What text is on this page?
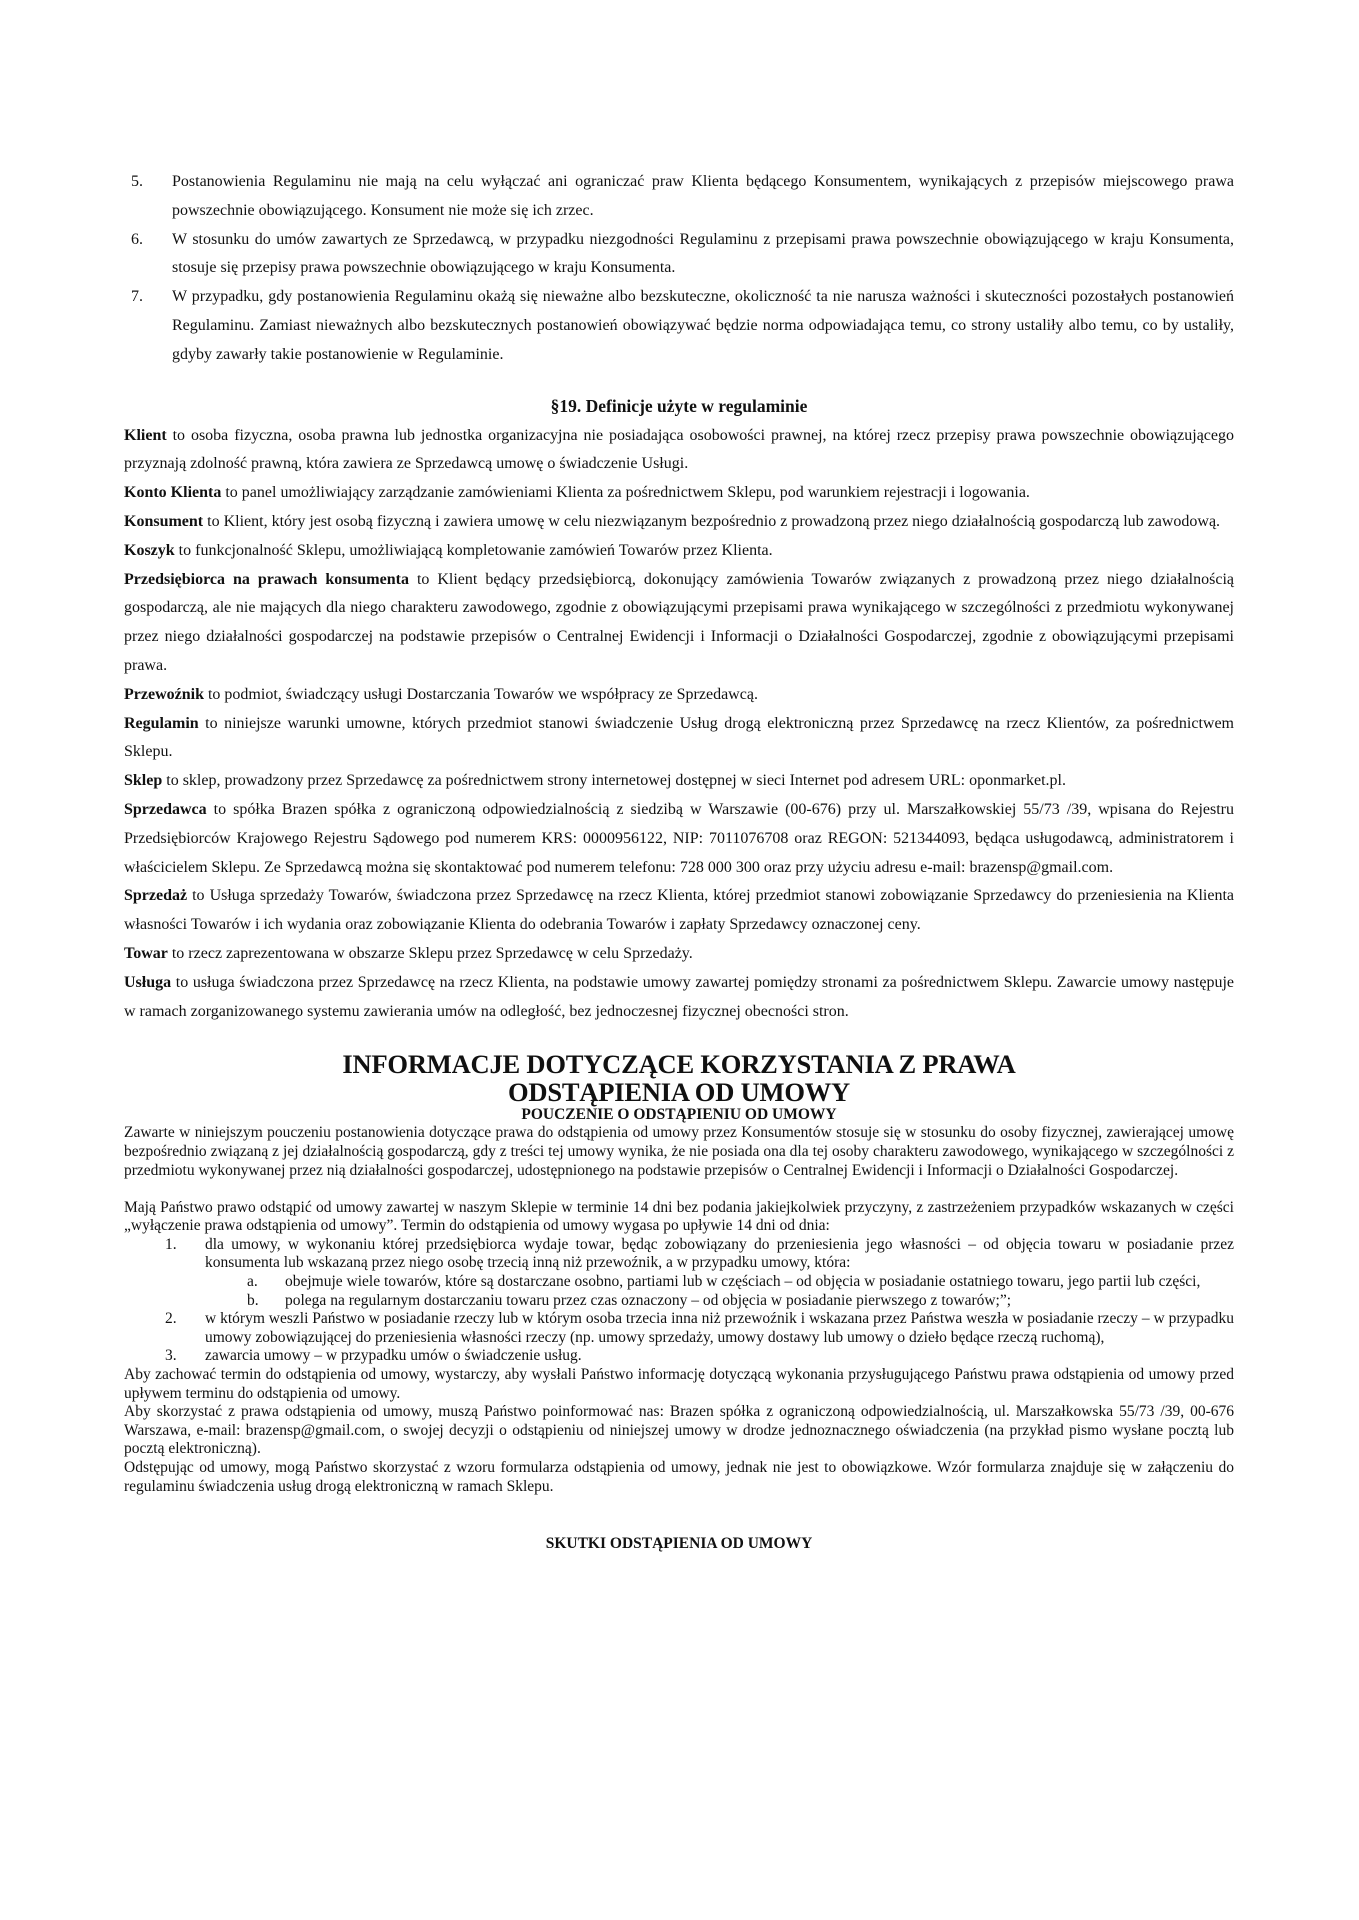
5. Postanowienia Regulaminu nie mają na celu wyłączać ani ograniczać praw Klienta będącego Konsumentem, wynikających z przepisów miejscowego prawa powszechnie obowiązującego. Konsument nie może się ich zrzec.
6. W stosunku do umów zawartych ze Sprzedawcą, w przypadku niezgodności Regulaminu z przepisami prawa powszechnie obowiązującego w kraju Konsumenta, stosuje się przepisy prawa powszechnie obowiązującego w kraju Konsumenta.
7. W przypadku, gdy postanowienia Regulaminu okażą się nieważne albo bezskuteczne, okoliczność ta nie narusza ważności i skuteczności pozostałych postanowień Regulaminu. Zamiast nieważnych albo bezskutecznych postanowień obowiązywać będzie norma odpowiadająca temu, co strony ustaliły albo temu, co by ustaliły, gdyby zawarły takie postanowienie w Regulaminie.
§19. Definicje użyte w regulaminie

Klient to osoba fizyczna, osoba prawna lub jednostka organizacyjna nie posiadająca osobowości prawnej, na której rzecz przepisy prawa powszechnie obowiązującego przyznają zdolność prawną, która zawiera ze Sprzedawcą umowę o świadczenie Usługi.

Konto Klienta to panel umożliwiający zarządzanie zamówieniami Klienta za pośrednictwem Sklepu, pod warunkiem rejestracji i logowania.

Konsument to Klient, który jest osobą fizyczną i zawiera umowę w celu niezwiązanym bezpośrednio z prowadzoną przez niego działalnością gospodarczą lub zawodową.

Koszyk to funkcjonalność Sklepu, umożliwiającą kompletowanie zamówień Towarów przez Klienta.

Przedsiębiorca na prawach konsumenta to Klient będący przedsiębiorcą, dokonujący zamówienia Towarów związanych z prowadzoną przez niego działalnością gospodarczą, ale nie mających dla niego charakteru zawodowego, zgodnie z obowiązującymi przepisami prawa wynikającego w szczególności z przedmiotu wykonywanej przez niego działalności gospodarczej na podstawie przepisów o Centralnej Ewidencji i Informacji o Działalności Gospodarczej, zgodnie z obowiązującymi przepisami prawa.

Przewoźnik to podmiot, świadczący usługi Dostarczania Towarów we współpracy ze Sprzedawcą.

Regulamin to niniejsze warunki umowne, których przedmiot stanowi świadczenie Usług drogą elektroniczną przez Sprzedawcę na rzecz Klientów, za pośrednictwem Sklepu.

Sklep to sklep, prowadzony przez Sprzedawcę za pośrednictwem strony internetowej dostępnej w sieci Internet pod adresem URL: oponmarket.pl.

Sprzedawca to spółka Brazen spółka z ograniczoną odpowiedzialnością z siedzibą w Warszawie (00-676) przy ul. Marszałkowskiej 55/73 /39, wpisana do Rejestru Przedsiębiorców Krajowego Rejestru Sądowego pod numerem KRS: 0000956122, NIP: 7011076708 oraz REGON: 521344093, będąca usługodawcą, administratorem i właścicielem Sklepu. Ze Sprzedawcą można się skontaktować pod numerem telefonu: 728 000 300 oraz przy użyciu adresu e-mail: brazensp@gmail.com.

Sprzedaż to Usługa sprzedaży Towarów, świadczona przez Sprzedawcę na rzecz Klienta, której przedmiot stanowi zobowiązanie Sprzedawcy do przeniesienia na Klienta własności Towarów i ich wydania oraz zobowiązanie Klienta do odebrania Towarów i zapłaty Sprzedawcy oznaczonej ceny.

Towar to rzecz zaprezentowana w obszarze Sklepu przez Sprzedawcę w celu Sprzedaży.

Usługa to usługa świadczona przez Sprzedawcę na rzecz Klienta, na podstawie umowy zawartej pomiędzy stronami za pośrednictwem Sklepu. Zawarcie umowy następuje w ramach zorganizowanego systemu zawierania umów na odległość, bez jednoczesnej fizycznej obecności stron.

INFORMACJE DOTYCZĄCE KORZYSTANIA Z PRAWA
ODSTĄPIENIA OD UMOWY
POUCZENIE O ODSTĄPIENIU OD UMOWY

Zawarte w niniejszym pouczeniu postanowienia dotyczące prawa do odstąpienia od umowy przez Konsumentów stosuje się w stosunku do osoby fizycznej, zawierającej umowę bezpośrednio związaną z jej działalnością gospodarczą, gdy z treści tej umowy wynika, że nie posiada ona dla tej osoby charakteru zawodowego, wynikającego w szczególności z przedmiotu wykonywanej przez nią działalności gospodarczej, udostępnionego na podstawie przepisów o Centralnej Ewidencji i Informacji o Działalności Gospodarczej.

Mają Państwo prawo odstąpić od umowy zawartej w naszym Sklepie w terminie 14 dni bez podania jakiejkolwiek przyczyny, z zastrzeżeniem przypadków wskazanych w części „wyłączenie prawa odstąpienia od umowy”. Termin do odstąpienia od umowy wygasa po upływie 14 dni od dnia:

1. dla umowy, w wykonaniu której przedsiębiorca wydaje towar, będąc zobowiązany do przeniesienia jego własności – od objęcia towaru w posiadanie przez konsumenta lub wskazaną przez niego osobę trzecią inną niż przewoźnik, a w przypadku umowy, która:
a. obejmuje wiele towarów, które są dostarczane osobno, partiami lub w częściach – od objęcia w posiadanie ostatniego towaru, jego partii lub części,
b. polega na regularnym dostarczaniu towaru przez czas oznaczony – od objęcia w posiadanie pierwszego z towarów;”;
2. w którym weszli Państwo w posiadanie rzeczy lub w którym osoba trzecia inna niż przewoźnik i wskazana przez Państwa weszła w posiadanie rzeczy – w przypadku umowy zobowiązującej do przeniesienia własności rzeczy (np. umowy sprzedaży, umowy dostawy lub umowy o dzieło będące rzeczą ruchomą),
3. zawarcia umowy – w przypadku umów o świadczenie usług.

Aby zachować termin do odstąpienia od umowy, wystarczy, aby wysłali Państwo informację dotyczącą wykonania przysługującego Państwu prawa odstąpienia od umowy przed upływem terminu do odstąpienia od umowy.

Aby skorzystać z prawa odstąpienia od umowy, muszą Państwo poinformować nas: Brazen spółka z ograniczoną odpowiedzialnością, ul. Marszałkowska 55/73 /39, 00-676 Warszawa, e-mail: brazensp@gmail.com, o swojej decyzji o odstąpieniu od niniejszej umowy w drodze jednoznacznego oświadczenia (na przykład pismo wysłane pocztą lub pocztą elektroniczną).

Odstępując od umowy, mogą Państwo skorzystać z wzoru formularza odstąpienia od umowy, jednak nie jest to obowiązkowe. Wzór formularza znajduje się w załączeniu do regulaminu świadczenia usług drogą elektroniczną w ramach Sklepu.

SKUTKI ODSTĄPIENIA OD UMOWY
